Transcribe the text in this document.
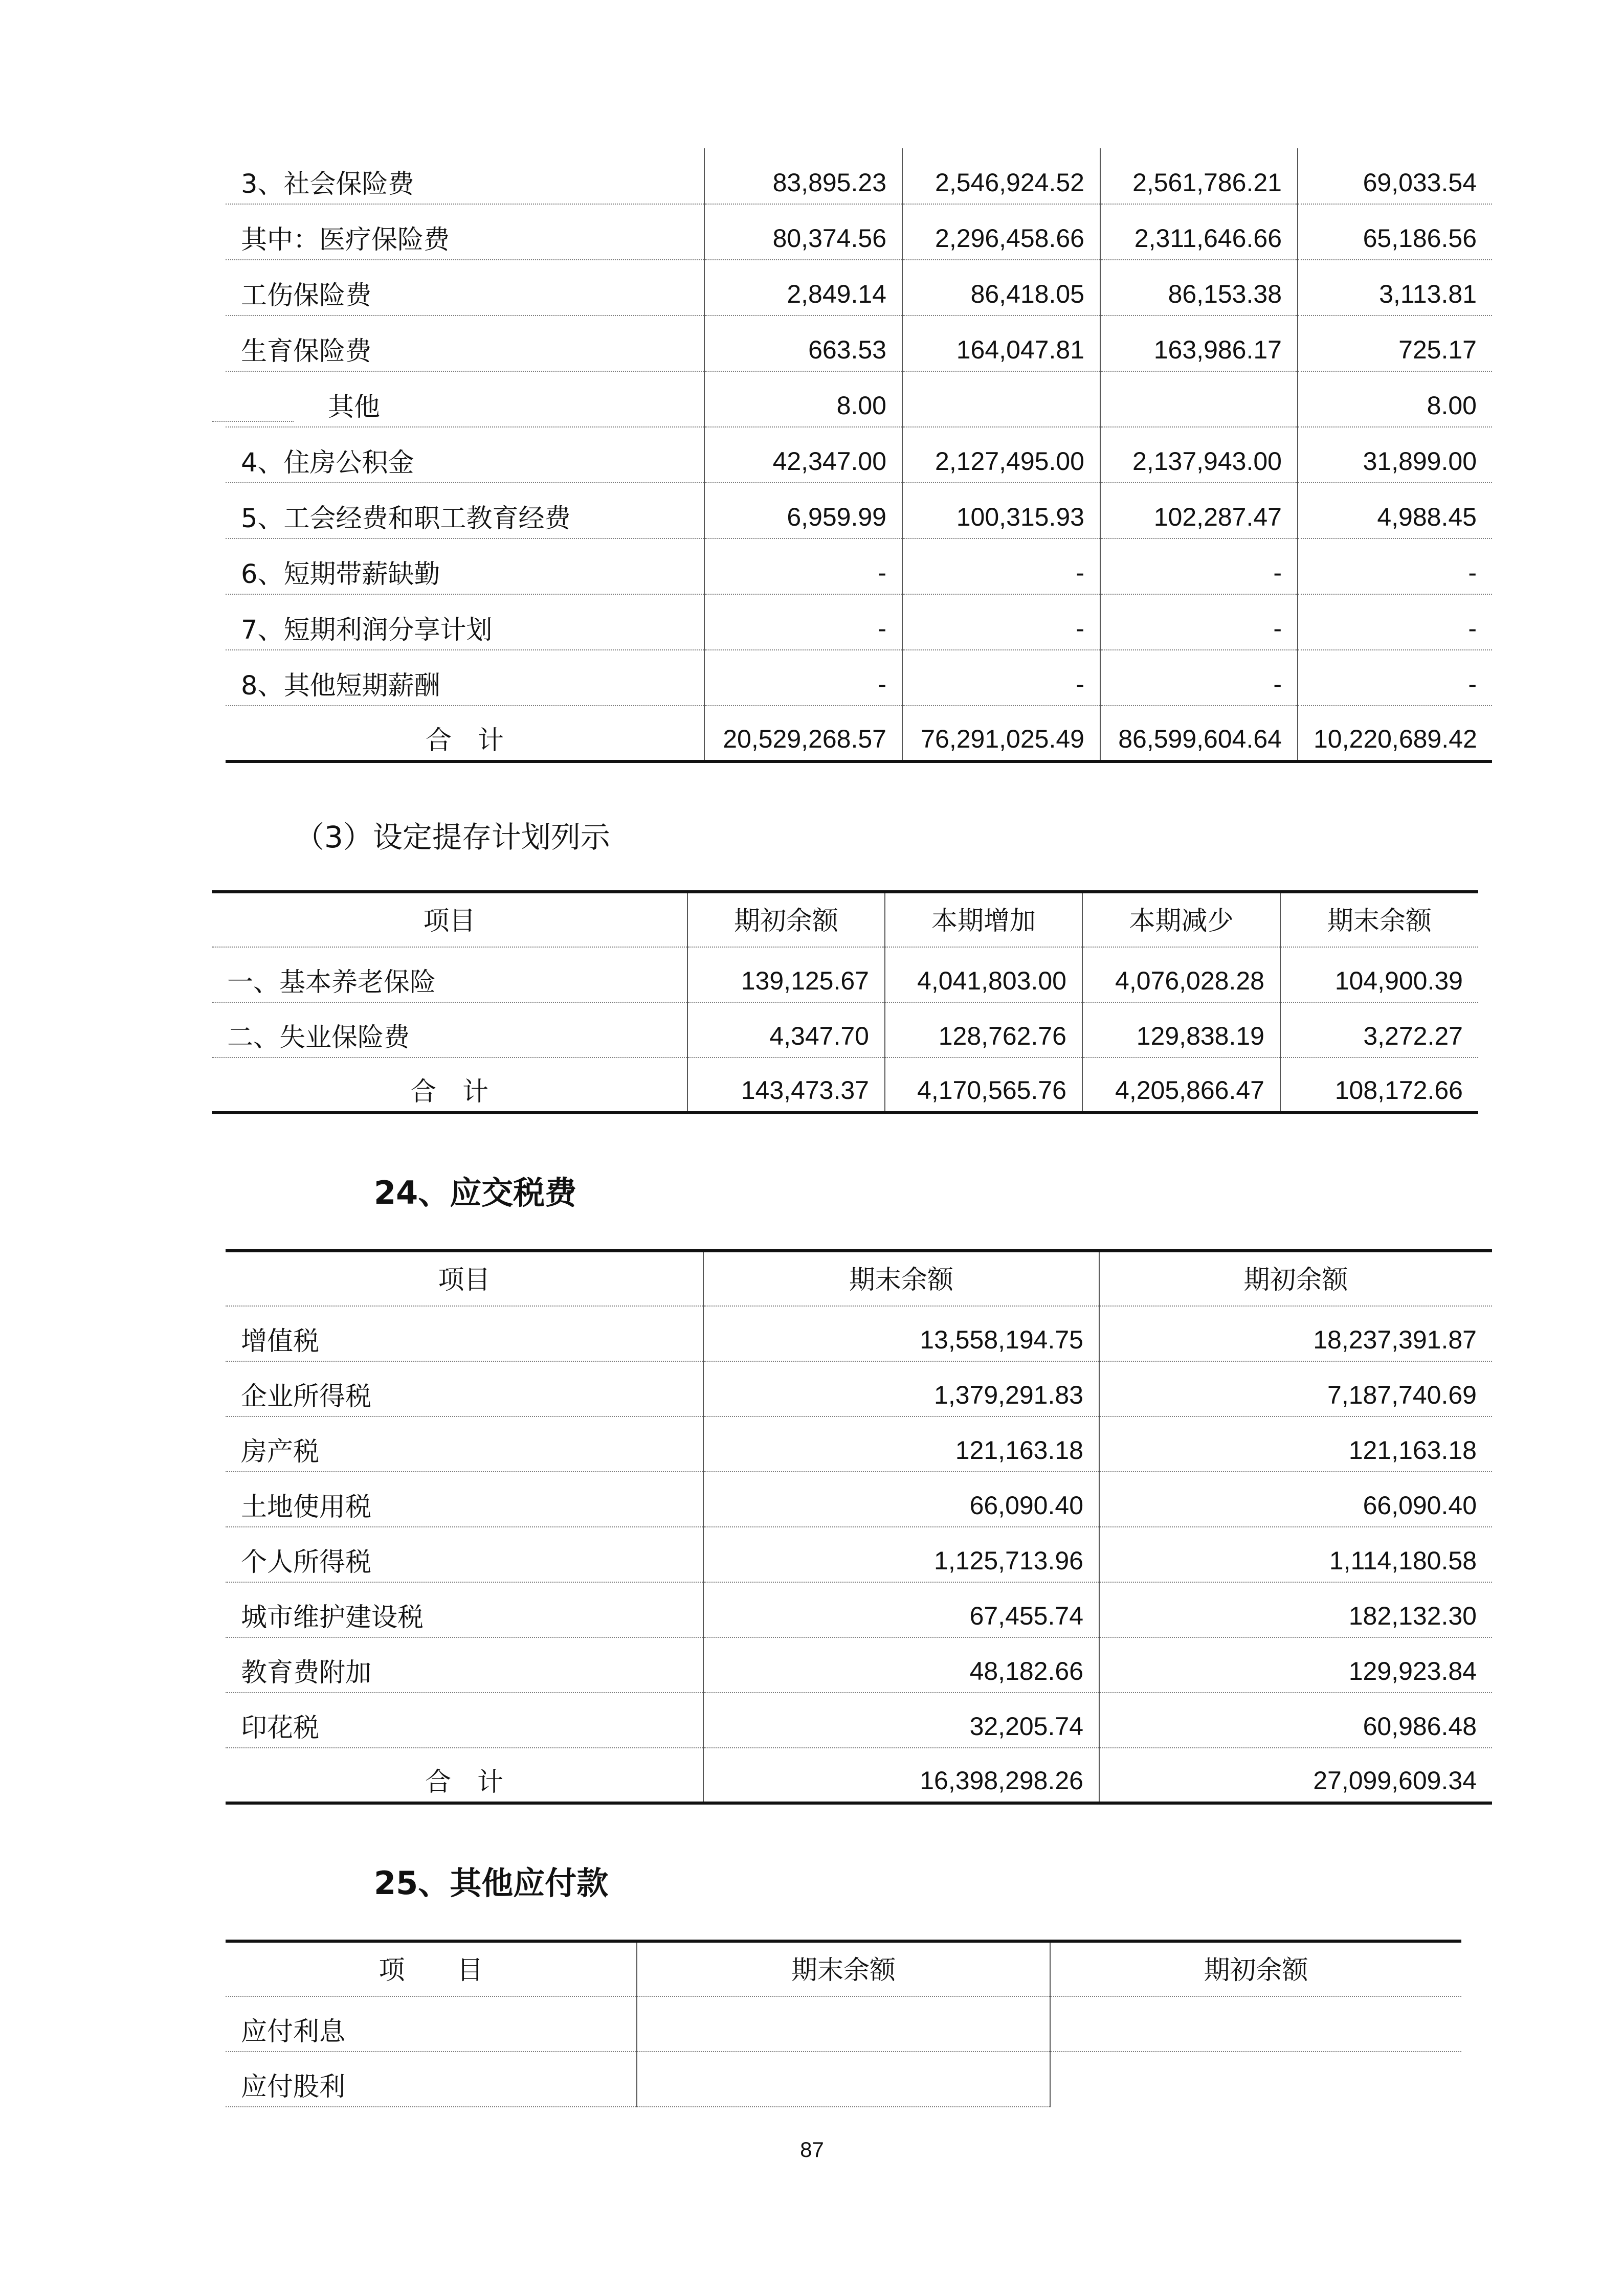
3、社会保险费	83,895.23	2,546,924.52	2,561,786.21	69,033.54
其中：医疗保险费	80,374.56	2,296,458.66	2,311,646.66	65,186.56
工伤保险费	2,849.14	86,418.05	86,153.38	3,113.81
生育保险费	663.53	164,047.81	163,986.17	725.17
其他	8.00			8.00
4、住房公积金	42,347.00	2,127,495.00	2,137,943.00	31,899.00
5、工会经费和职工教育经费	6,959.99	100,315.93	102,287.47	4,988.45
6、短期带薪缺勤	-	-	-	-
7、短期利润分享计划	-	-	-	-
8、其他短期薪酬	-	-	-	-
合　计	20,529,268.57	76,291,025.49	86,599,604.64	10,220,689.42
（3）设定提存计划列示
项目	期初余额	本期增加	本期减少	期末余额
一、基本养老保险	139,125.67	4,041,803.00	4,076,028.28	104,900.39
二、失业保险费	4,347.70	128,762.76	129,838.19	3,272.27
合　计	143,473.37	4,170,565.76	4,205,866.47	108,172.66
24、应交税费
项目	期末余额	期初余额
增值税	13,558,194.75	18,237,391.87
企业所得税	1,379,291.83	7,187,740.69
房产税	121,163.18	121,163.18
土地使用税	66,090.40	66,090.40
个人所得税	1,125,713.96	1,114,180.58
城市维护建设税	67,455.74	182,132.30
教育费附加	48,182.66	129,923.84
印花税	32,205.74	60,986.48
合　计	16,398,298.26	27,099,609.34
25、其他应付款
项　　目	期末余额	期初余额
应付利息		
应付股利		
87
